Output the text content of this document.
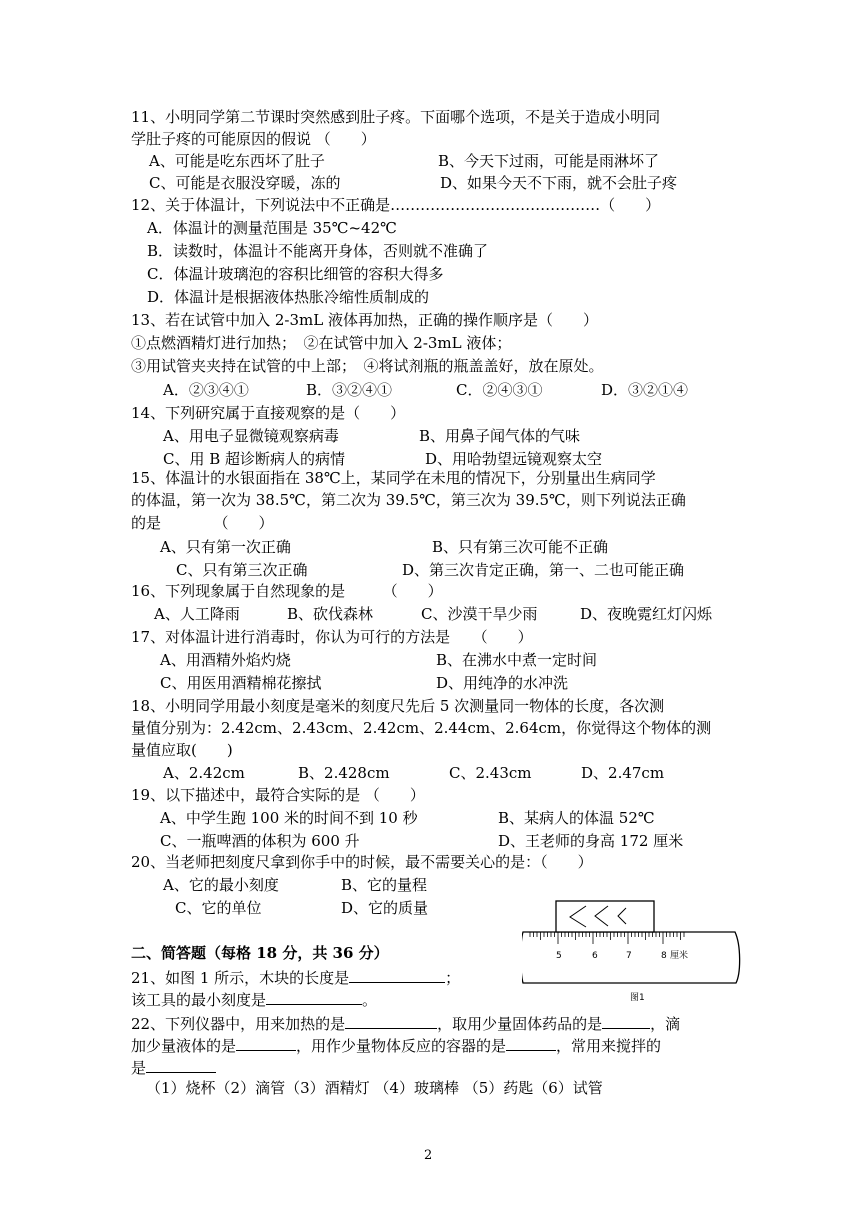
11、小明同学第二节课时突然感到肚子疼。下面哪个选项，不是关于造成小明同
学肚子疼的可能原因的假说 （　　）
A、可能是吃东西坏了肚子	B、今天下过雨，可能是雨淋坏了
C、可能是衣服没穿暖，冻的	D、如果今天不下雨，就不会肚子疼
12、关于体温计，下列说法中不正确是……………………………………（　　）
A．体温计的测量范围是 35℃~42℃
B．读数时，体温计不能离开身体，否则就不准确了
C．体温计玻璃泡的容积比细管的容积大得多
D．体温计是根据液体热胀冷缩性质制成的
13、若在试管中加入 2-3mL 液体再加热，正确的操作顺序是（　　）
①点燃酒精灯进行加热；　②在试管中加入 2-3mL 液体；
③用试管夹夹持在试管的中上部；　④将试剂瓶的瓶盖盖好，放在原处。
A．②③④①	B．③②④①	C．②④③①	D．③②①④
14、下列研究属于直接观察的是（　　）
A、用电子显微镜观察病毒	B、用鼻子闻气体的气味
C、用 B 超诊断病人的病情	D、用哈勃望远镜观察太空
15、体温计的水银面指在 38℃上，某同学在未甩的情况下，分别量出生病同学
的体温，第一次为 38.5℃，第二次为 39.5℃，第三次为 39.5℃，则下列说法正确
的是　　　　（　　）
A、只有第一次正确	B、只有第三次可能不正确
C、只有第三次正确	D、第三次肯定正确，第一、二也可能正确
16、下列现象属于自然现象的是　　　（　　）
A、人工降雨	B、砍伐森林	C、沙漠干旱少雨	D、夜晚霓红灯闪烁
17、对体温计进行消毒时，你认为可行的方法是　　（　　）
A、用酒精外焰灼烧	B、在沸水中煮一定时间
C、用医用酒精棉花擦拭	D、用纯净的水冲洗
18、小明同学用最小刻度是毫米的刻度尺先后 5 次测量同一物体的长度，各次测
量值分别为：2.42cm、2.43cm、2.42cm、2.44cm、2.64cm，你觉得这个物体的测
量值应取(　　)
A、2.42cm	B、2.428cm	C、2.43cm	D、2.47cm
19、以下描述中，最符合实际的是 （　　）
A、中学生跑 100 米的时间不到 10 秒	B、某病人的体温 52℃
C、一瓶啤酒的体积为 600 升	D、王老师的身高 172 厘米
20、当老师把刻度尺拿到你手中的时候，最不需要关心的是：（　　）
A、它的最小刻度	B、它的量程
C、它的单位	D、它的质量
二、简答题（每格 18 分，共 36 分）
21、如图 1 所示，木块的长度是	；
该工具的最小刻度是	。
22、下列仪器中，用来加热的是	，取用少量固体药品的是	，滴
加少量液体的是	，用作少量物体反应的容器的是	，常用来搅拌的
是
（1）烧杯（2）滴管（3）酒精灯 （4）玻璃棒 （5）药匙（6）试管
5	6	7	8 厘米
图1
2
